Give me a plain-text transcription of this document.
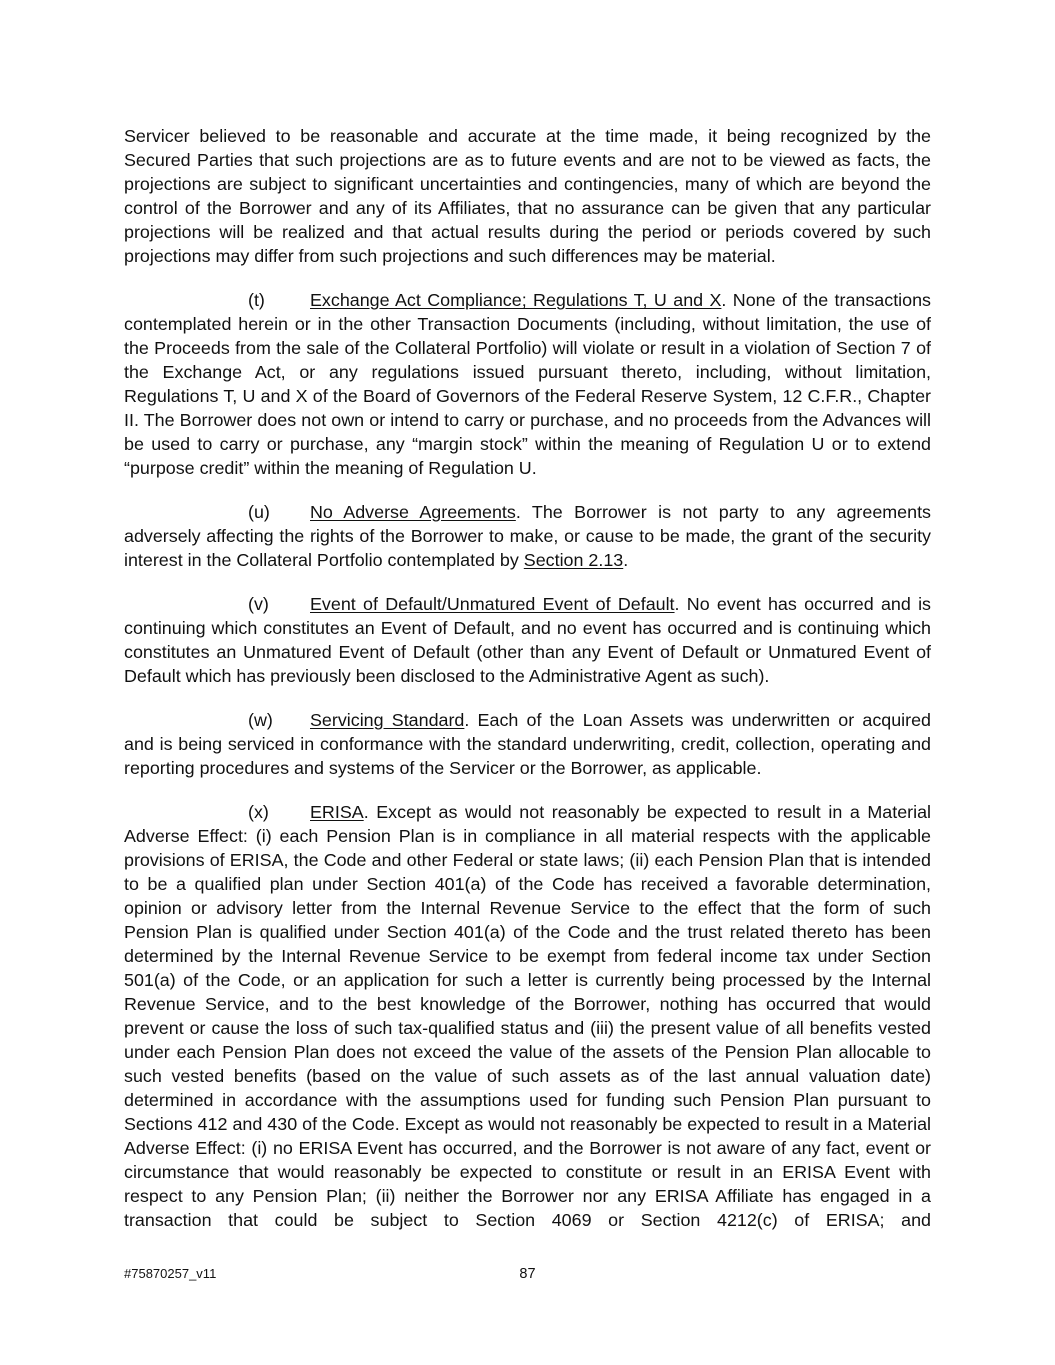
Servicer believed to be reasonable and accurate at the time made, it being recognized by the Secured Parties that such projections are as to future events and are not to be viewed as facts, the projections are subject to significant uncertainties and contingencies, many of which are beyond the control of the Borrower and any of its Affiliates, that no assurance can be given that any particular projections will be realized and that actual results during the period or periods covered by such projections may differ from such projections and such differences may be material.

(t)	Exchange Act Compliance; Regulations T, U and X. None of the transactions contemplated herein or in the other Transaction Documents (including, without limitation, the use of the Proceeds from the sale of the Collateral Portfolio) will violate or result in a violation of Section 7 of the Exchange Act, or any regulations issued pursuant thereto, including, without limitation, Regulations T, U and X of the Board of Governors of the Federal Reserve System, 12 C.F.R., Chapter II. The Borrower does not own or intend to carry or purchase, and no proceeds from the Advances will be used to carry or purchase, any “margin stock” within the meaning of Regulation U or to extend “purpose credit” within the meaning of Regulation U.

(u) No Adverse Agreements. The Borrower is not party to any agreements adversely affecting the rights of the Borrower to make, or cause to be made, the grant of the security interest in the Collateral Portfolio contemplated by Section 2.13.

(v) Event of Default/Unmatured Event of Default. No event has occurred and is continuing which constitutes an Event of Default, and no event has occurred and is continuing which constitutes an Unmatured Event of Default (other than any Event of Default or Unmatured Event of Default which has previously been disclosed to the Administrative Agent as such).

(w) Servicing Standard. Each of the Loan Assets was underwritten or acquired and is being serviced in conformance with the standard underwriting, credit, collection, operating and reporting procedures and systems of the Servicer or the Borrower, as applicable.

(x) ERISA. Except as would not reasonably be expected to result in a Material Adverse Effect: (i) each Pension Plan is in compliance in all material respects with the applicable provisions of ERISA, the Code and other Federal or state laws; (ii) each Pension Plan that is intended to be a qualified plan under Section 401(a) of the Code has received a favorable determination, opinion or advisory letter from the Internal Revenue Service to the effect that the form of such Pension Plan is qualified under Section 401(a) of the Code and the trust related thereto has been determined by the Internal Revenue Service to be exempt from federal income tax under Section 501(a) of the Code, or an application for such a letter is currently being processed by the Internal Revenue Service, and to the best knowledge of the Borrower, nothing has occurred that would prevent or cause the loss of such tax-qualified status and (iii) the present value of all benefits vested under each Pension Plan does not exceed the value of the assets of the Pension Plan allocable to such vested benefits (based on the value of such assets as of the last annual valuation date) determined in accordance with the assumptions used for funding such Pension Plan pursuant to Sections 412 and 430 of the Code. Except as would not reasonably be expected to result in a Material Adverse Effect: (i) no ERISA Event has occurred, and the Borrower is not aware of any fact, event or circumstance that would reasonably be expected to constitute or result in an ERISA Event with respect to any Pension Plan; (ii) neither the Borrower nor any ERISA Affiliate has engaged in a transaction that could be subject to Section 4069 or Section 4212(c) of ERISA; and

#75870257_v11	87
